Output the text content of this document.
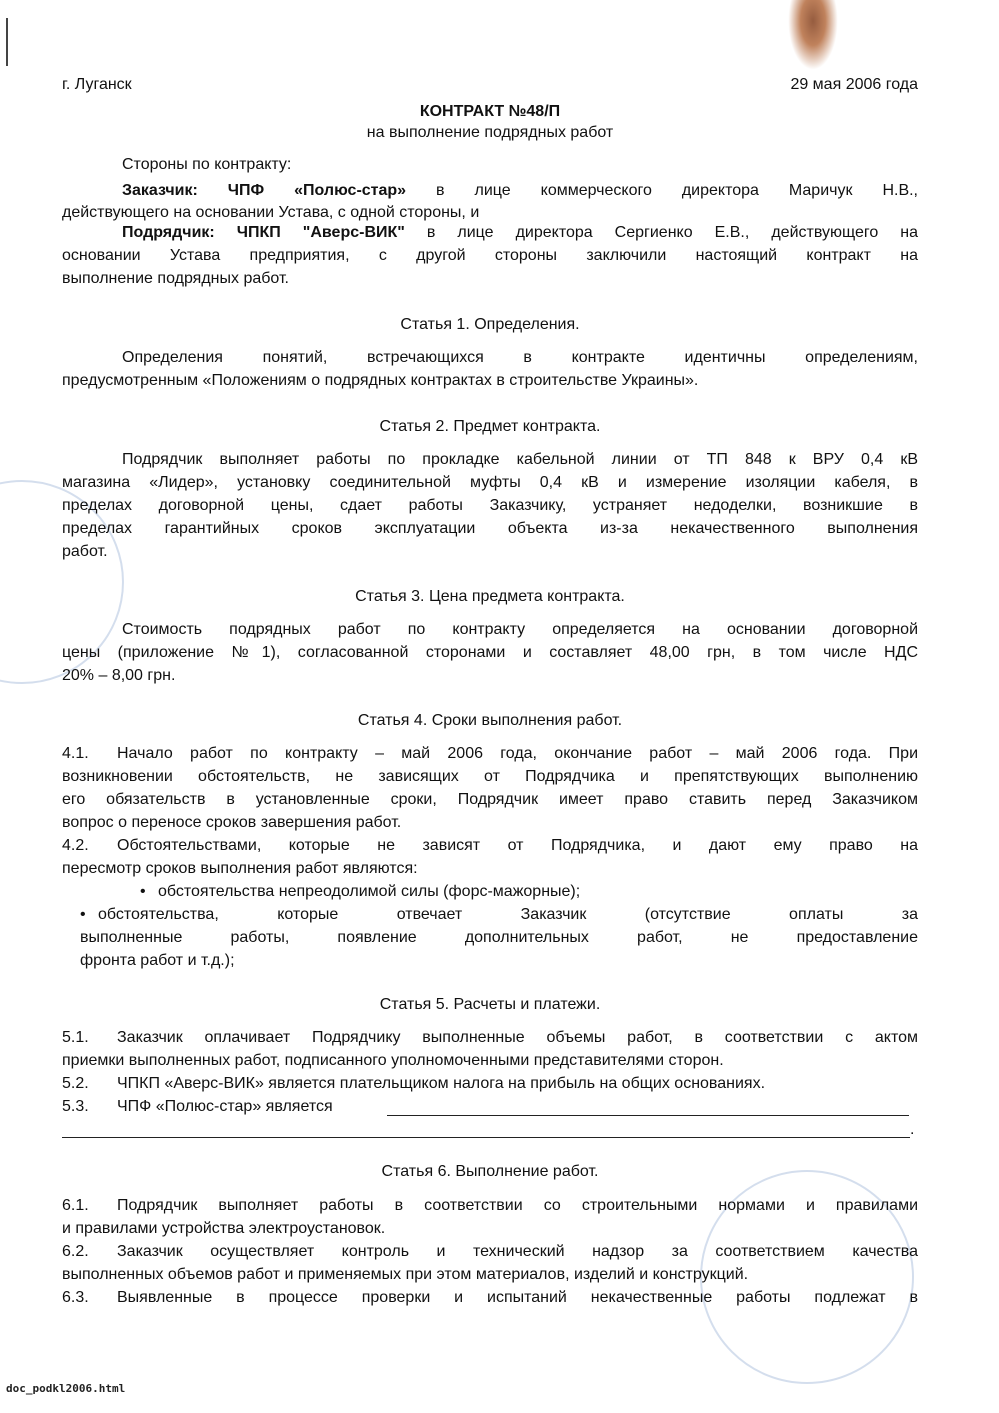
г. Луганск	29 мая 2006 года
КОНТРАКТ №48/П
на выполнение подрядных работ
Стороны по контракту:
Заказчик: ЧПФ «Полюс-стар» в лице коммерческого директора Маричук Н.В.,
действующего на основании Устава, с одной стороны, и
Подрядчик: ЧПКП "Аверс-ВИК" в лице директора Сергиенко Е.В., действующего на
основании Устава предприятия, с другой стороны заключили настоящий контракт на
выполнение подрядных работ.
Статья 1. Определения.
Определения понятий, встречающихся в контракте идентичны определениям,
предусмотренным «Положениям о подрядных контрактах в строительстве Украины».
Статья 2. Предмет контракта.
Подрядчик выполняет работы по прокладке кабельной линии от ТП 848 к ВРУ 0,4 кВ
магазина «Лидер», установку соединительной муфты 0,4 кВ и измерение изоляции кабеля, в
пределах договорной цены, сдает работы Заказчику, устраняет недоделки, возникшие в
пределах гарантийных сроков эксплуатации объекта из-за некачественного выполнения
работ.
Статья 3. Цена предмета контракта.
Стоимость подрядных работ по контракту определяется на основании договорной
цены (приложение №1), согласованной сторонами и составляет 48,00 грн, в том числе НДС
20% – 8,00 грн.
Статья 4. Сроки выполнения работ.
4.1. Начало работ по контракту – май 2006 года, окончание работ – май 2006 года. При
возникновении обстоятельств, не зависящих от Подрядчика и препятствующих выполнению
его обязательств в установленные сроки, Подрядчик имеет право ставить перед Заказчиком
вопрос о переносе сроков завершения работ.
4.2. Обстоятельствами, которые не зависят от Подрядчика, и дают ему право на
пересмотр сроков выполнения работ являются:
• обстоятельства непреодолимой силы (форс-мажорные);
• обстоятельства, которые отвечает Заказчик (отсутствие оплаты за
выполненные работы, появление дополнительных работ, не предоставление
фронта работ и т.д.);
Статья 5. Расчеты и платежи.
5.1. Заказчик оплачивает Подрядчику выполненные объемы работ, в соответствии с актом
приемки выполненных работ, подписанного уполномоченными представителями сторон.
5.2. ЧПКП «Аверс-ВИК» является плательщиком налога на прибыль на общих основаниях.
5.3. ЧПФ «Полюс-стар» является
.
Статья 6. Выполнение работ.
6.1. Подрядчик выполняет работы в соответствии со строительными нормами и правилами
и правилами устройства электроустановок.
6.2. Заказчик осуществляет контроль и технический надзор за соответствием качества
выполненных объемов работ и применяемых при этом материалов, изделий и конструкций.
6.3. Выявленные в процессе проверки и испытаний некачественные работы подлежат в
doc_podkl2006.html
